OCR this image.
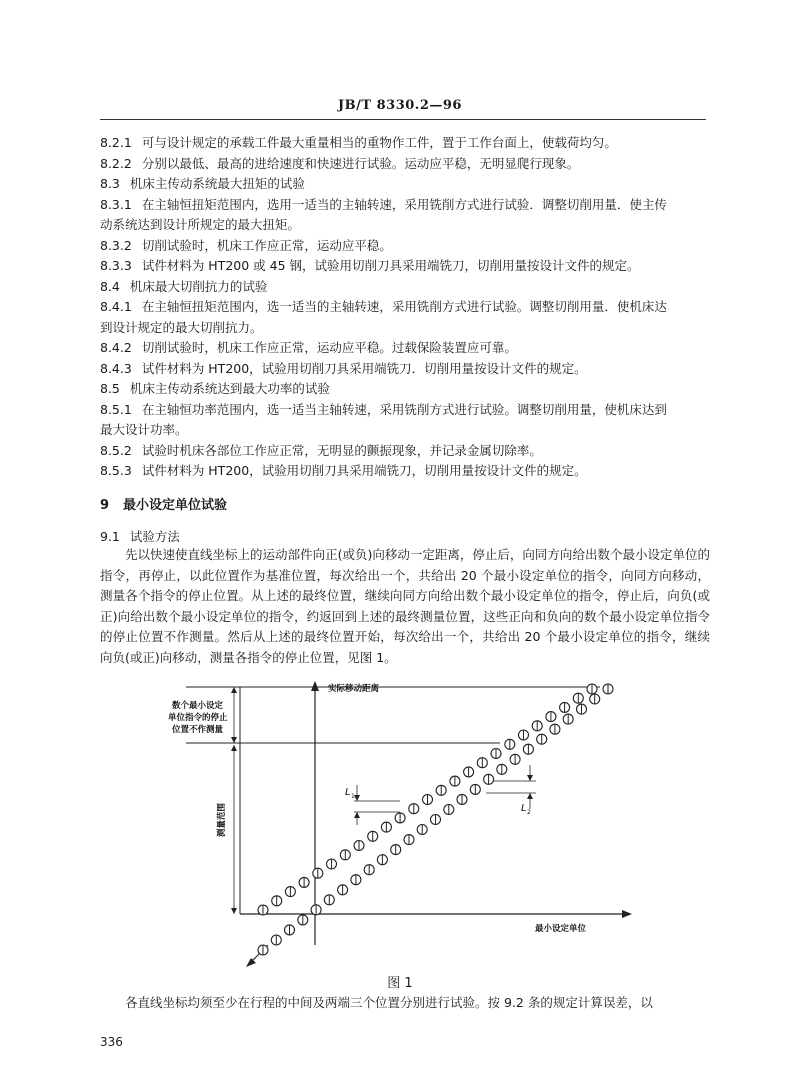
JB/T 8330.2—96
8.2.1 可与设计规定的承载工件最大重量相当的重物作工件，置于工作台面上，使载荷均匀。
8.2.2 分别以最低、最高的进给速度和快速进行试验。运动应平稳，无明显爬行现象。
8.3 机床主传动系统最大扭矩的试验
8.3.1 在主轴恒扭矩范围内，选用一适当的主轴转速，采用铣削方式进行试验．调整切削用量．使主传
动系统达到设计所规定的最大扭矩。
8.3.2 切削试验时，机床工作应正常，运动应平稳。
8.3.3 试件材料为 HT200 或 45 钢，试验用切削刀具采用端铣刀，切削用量按设计文件的规定。
8.4 机床最大切削抗力的试验
8.4.1 在主轴恒扭矩范围内，选一适当的主轴转速，采用铣削方式进行试验。调整切削用量．使机床达
到设计规定的最大切削抗力。
8.4.2 切削试验时，机床工作应正常，运动应平稳。过载保险装置应可靠。
8.4.3 试件材料为 HT200，试验用切削刀具采用端铣刀．切削用量按设计文件的规定。
8.5 机床主传动系统达到最大功率的试验
8.5.1 在主轴恒功率范围内，选一适当主轴转速，采用铣削方式进行试验。调整切削用量，使机床达到
最大设计功率。
8.5.2 试验时机床各部位工作应正常，无明显的颤振现象，并记录金属切除率。
8.5.3 试件材料为 HT200，试验用切削刀具采用端铣刀，切削用量按设计文件的规定。
9 最小设定单位试验
9.1 试验方法
先以快速使直线坐标上的运动部件向正(或负)向移动一定距离，停止后，向同方向给出数个最小设定单位的指令，再停止，以此位置作为基准位置，每次给出一个，共给出 20 个最小设定单位的指令，向同方向移动，测量各个指令的停止位置。从上述的最终位置，继续向同方向给出数个最小设定单位的指令，停止后，向负(或正)向给出数个最小设定单位的指令，约返回到上述的最终测量位置，这些正向和负向的数个最小设定单位指令的停止位置不作测量。然后从上述的最终位置开始，每次给出一个，共给出 20 个最小设定单位的指令，继续向负(或正)向移动，测量各指令的停止位置，见图 1。
实际移动距离
最小设定单位
数个最小设定
单位指令的停止
位置不作测量
测量范围
L 1
L 2
图 1
各直线坐标均须至少在行程的中间及两端三个位置分别进行试验。按 9.2 条的规定计算误差，以
336
